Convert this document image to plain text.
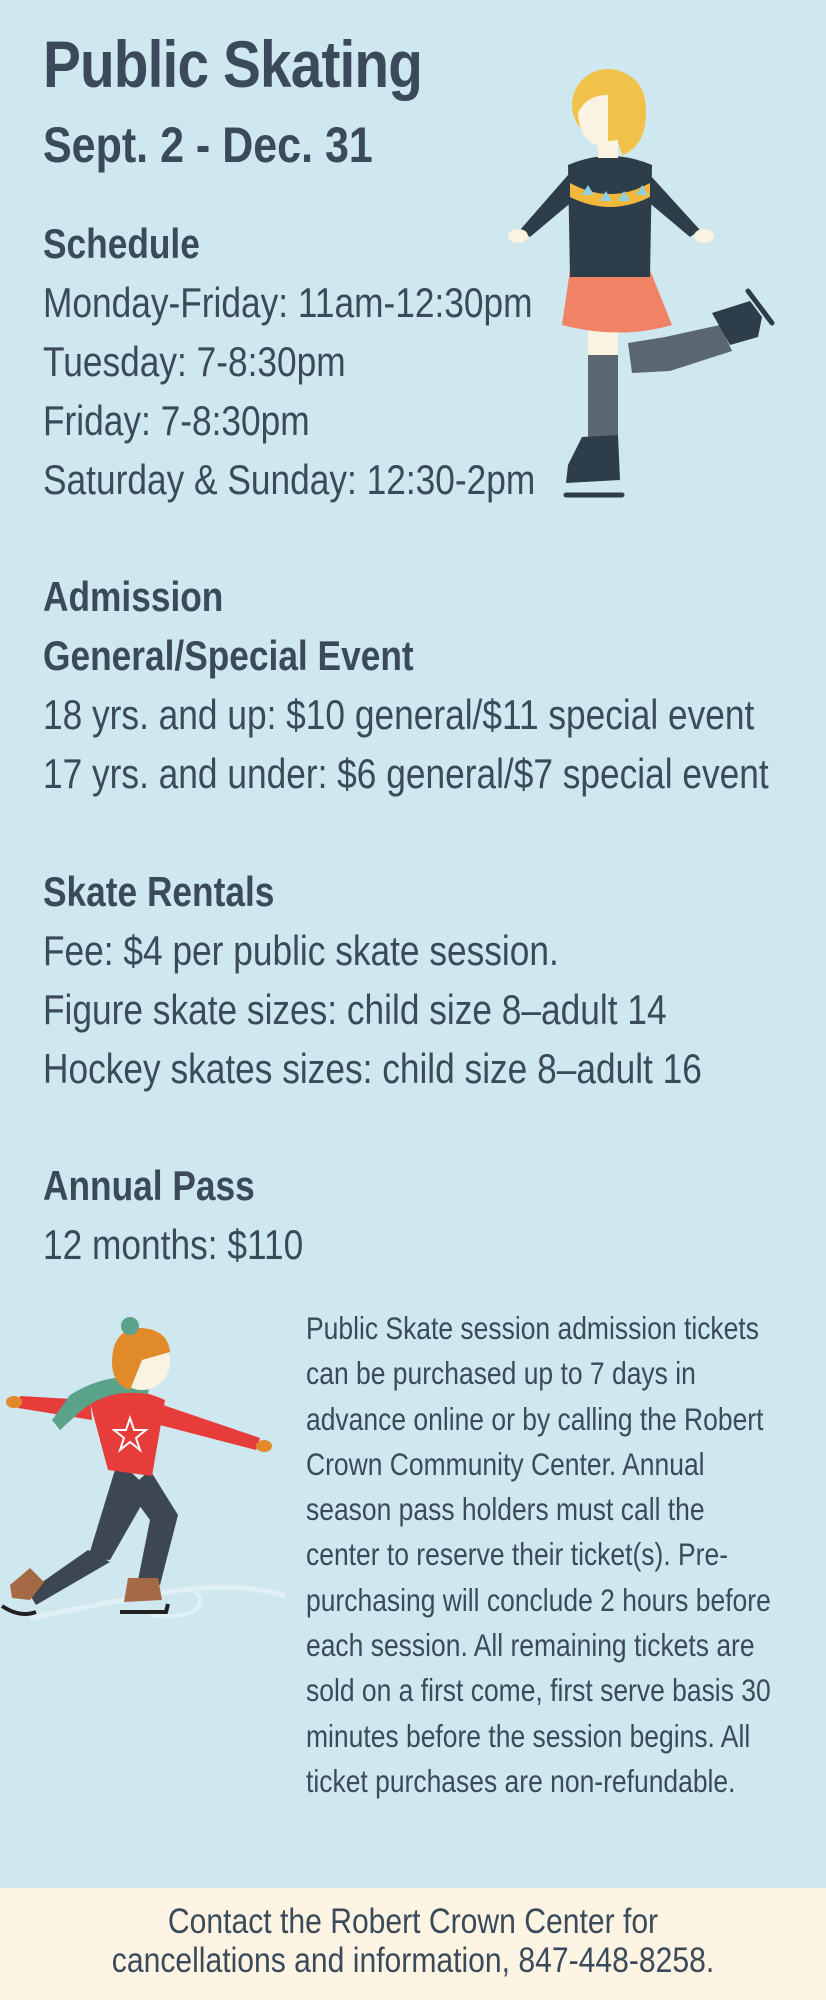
Public Skating
Sept. 2 - Dec. 31
Schedule
Monday-Friday: 11am-12:30pm
Tuesday: 7-8:30pm
Friday: 7-8:30pm
Saturday & Sunday: 12:30-2pm
Admission
General/Special Event
18 yrs. and up: $10 general/$11 special event
17 yrs. and under: $6 general/$7 special event
Skate Rentals
Fee: $4 per public skate session.
Figure skate sizes: child size 8–adult 14
Hockey skates sizes: child size 8–adult 16
Annual Pass
12 months: $110
Public Skate session admission tickets can be purchased up to 7 days in advance online or by calling the Robert Crown Community Center. Annual season pass holders must call the center to reserve their ticket(s). Pre-purchasing will conclude 2 hours before each session. All remaining tickets are sold on a first come, first serve basis 30 minutes before the session begins. All ticket purchases are non-refundable.
Contact the Robert Crown Center for
cancellations and information, 847-448-8258.
